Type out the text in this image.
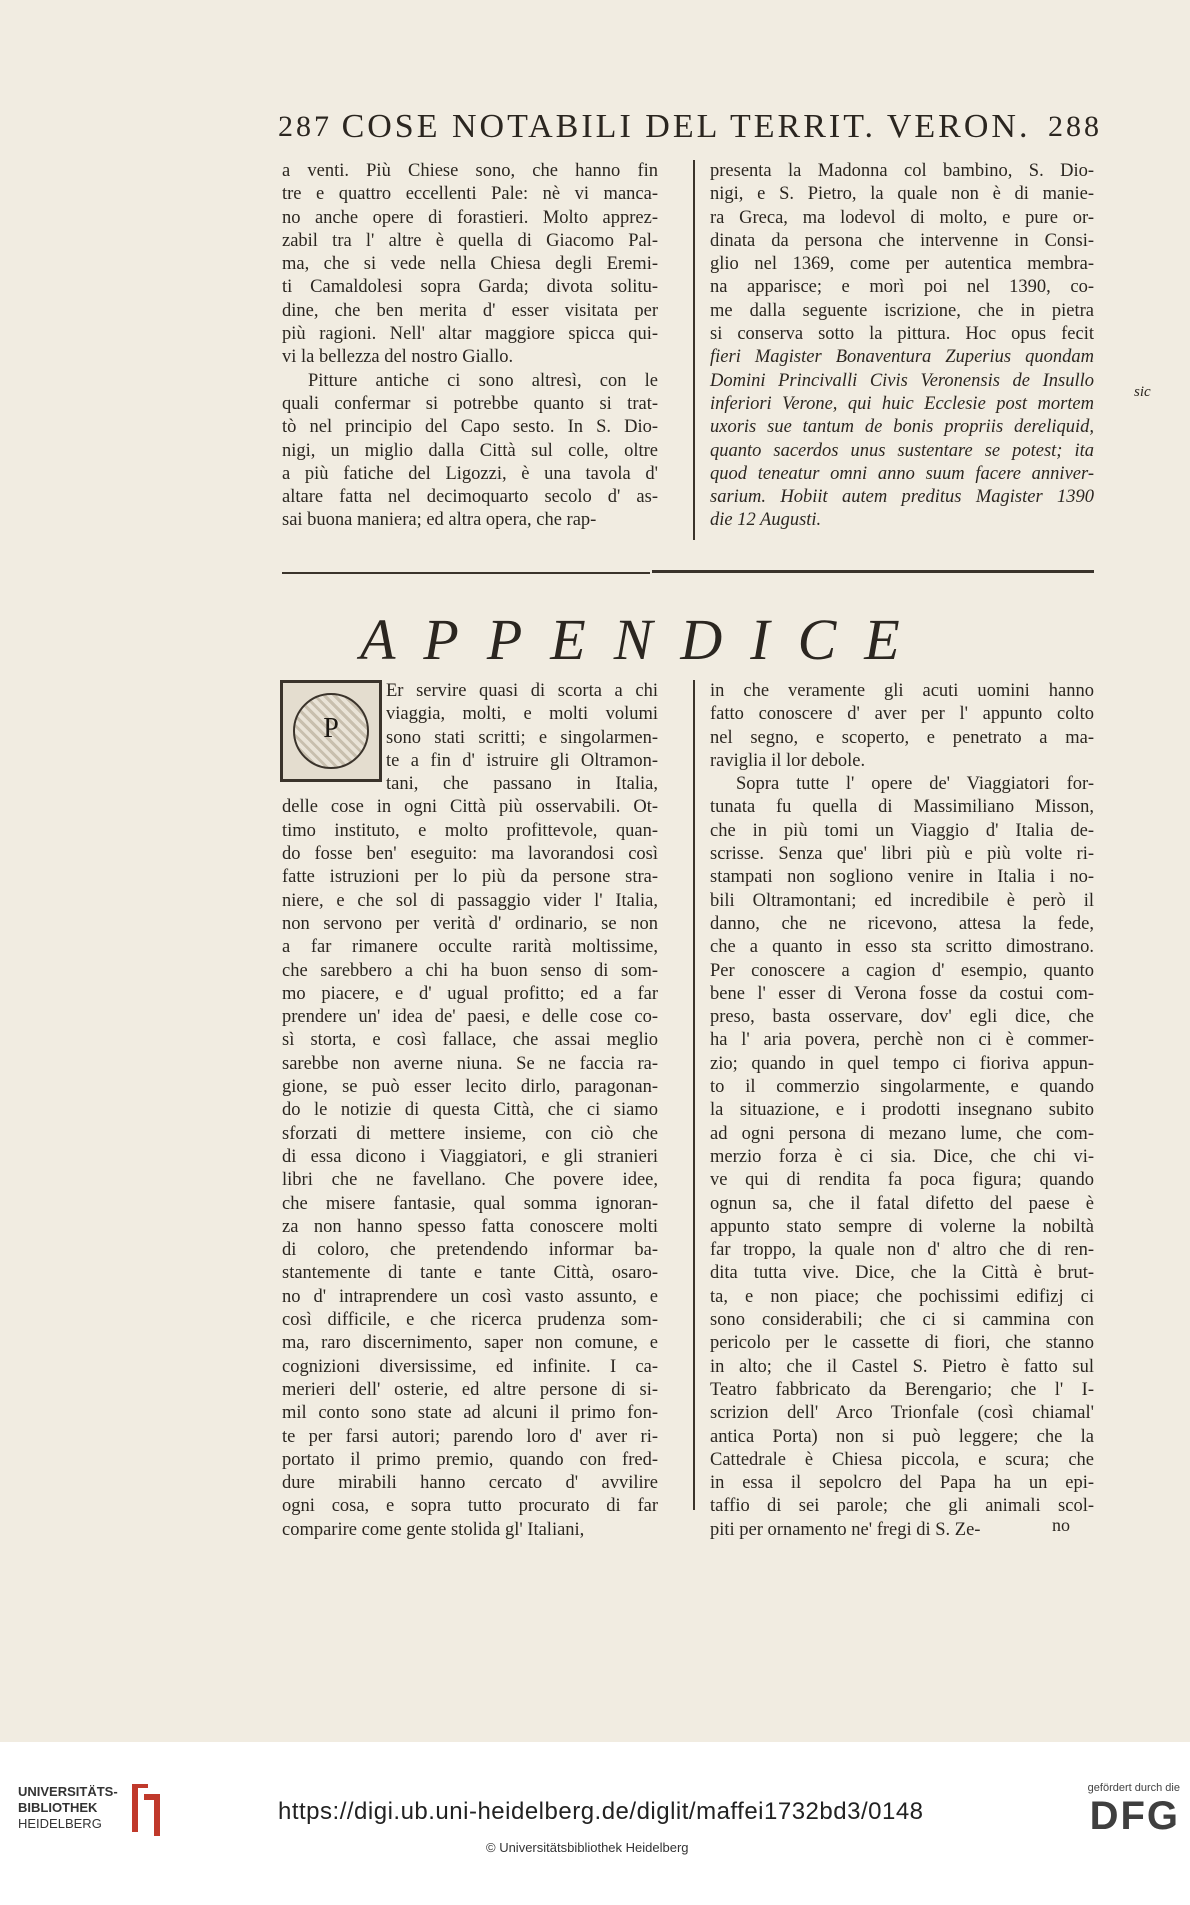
287 COSE NOTABILI DEL TERRIT. VERON. 288
a venti. Più Chiese sono, che hanno fin
tre e quattro eccellenti Pale: nè vi manca-
no anche opere di forastieri. Molto apprez-
zabil tra l' altre è quella di Giacomo Pal-
ma, che si vede nella Chiesa degli Eremi-
ti Camaldolesi sopra Garda; divota solitu-
dine, che ben merita d' esser visitata per
più ragioni. Nell' altar maggiore spicca qui-
vi la bellezza del nostro Giallo.
Pitture antiche ci sono altresì, con le
quali confermar si potrebbe quanto si trat-
tò nel principio del Capo sesto. In S. Dio-
nigi, un miglio dalla Città sul colle, oltre
a più fatiche del Ligozzi, è una tavola d'
altare fatta nel decimoquarto secolo d' as-
sai buona maniera; ed altra opera, che rap-
presenta la Madonna col bambino, S. Dio-
nigi, e S. Pietro, la quale non è di manie-
ra Greca, ma lodevol di molto, e pure or-
dinata da persona che intervenne in Consi-
glio nel 1369, come per autentica membra-
na apparisce; e morì poi nel 1390, co-
me dalla seguente iscrizione, che in pietra
si conserva sotto la pittura. Hoc opus fecit
fieri Magister Bonaventura Zuperius quondam
Domini Princivalli Civis Veronensis de Insullo
inferiori Verone, qui huic Ecclesie post mortem
uxoris sue tantum de bonis propriis dereliquid,
quanto sacerdos unus sustentare se potest; ita
quod teneatur omni anno suum facere anniver-
sarium. Hobiit autem preditus Magister 1390
die 12 Augusti.
sic
APPENDICE
P
Er servire quasi di scorta a chi
viaggia, molti, e molti volumi
sono stati scritti; e singolarmen-
te a fin d' istruire gli Oltramon-
tani, che passano in Italia,
delle cose in ogni Città più osservabili. Ot-
timo instituto, e molto profittevole, quan-
do fosse ben' eseguito: ma lavorandosi così
fatte istruzioni per lo più da persone stra-
niere, e che sol di passaggio vider l' Italia,
non servono per verità d' ordinario, se non
a far rimanere occulte rarità moltissime,
che sarebbero a chi ha buon senso di som-
mo piacere, e d' ugual profitto; ed a far
prendere un' idea de' paesi, e delle cose co-
sì storta, e così fallace, che assai meglio
sarebbe non averne niuna. Se ne faccia ra-
gione, se può esser lecito dirlo, paragonan-
do le notizie di questa Città, che ci siamo
sforzati di mettere insieme, con ciò che
di essa dicono i Viaggiatori, e gli stranieri
libri che ne favellano. Che povere idee,
che misere fantasie, qual somma ignoran-
za non hanno spesso fatta conoscere molti
di coloro, che pretendendo informar ba-
stantemente di tante e tante Città, osaro-
no d' intraprendere un così vasto assunto, e
così difficile, e che ricerca prudenza som-
ma, raro discernimento, saper non comune, e
cognizioni diversissime, ed infinite. I ca-
merieri dell' osterie, ed altre persone di si-
mil conto sono state ad alcuni il primo fon-
te per farsi autori; parendo loro d' aver ri-
portato il primo premio, quando con fred-
dure mirabili hanno cercato d' avvilire
ogni cosa, e sopra tutto procurato di far
comparire come gente stolida gl' Italiani,
in che veramente gli acuti uomini hanno
fatto conoscere d' aver per l' appunto colto
nel segno, e scoperto, e penetrato a ma-
raviglia il lor debole.
Sopra tutte l' opere de' Viaggiatori for-
tunata fu quella di Massimiliano Misson,
che in più tomi un Viaggio d' Italia de-
scrisse. Senza que' libri più e più volte ri-
stampati non sogliono venire in Italia i no-
bili Oltramontani; ed incredibile è però il
danno, che ne ricevono, attesa la fede,
che a quanto in esso sta scritto dimostrano.
Per conoscere a cagion d' esempio, quanto
bene l' esser di Verona fosse da costui com-
preso, basta osservare, dov' egli dice, che
ha l' aria povera, perchè non ci è commer-
zio; quando in quel tempo ci fioriva appun-
to il commerzio singolarmente, e quando
la situazione, e i prodotti insegnano subito
ad ogni persona di mezano lume, che com-
merzio forza è ci sia. Dice, che chi vi-
ve qui di rendita fa poca figura; quando
ognun sa, che il fatal difetto del paese è
appunto stato sempre di volerne la nobiltà
far troppo, la quale non d' altro che di ren-
dita tutta vive. Dice, che la Città è brut-
ta, e non piace; che pochissimi edifizj ci
sono considerabili; che ci si cammina con
pericolo per le cassette di fiori, che stanno
in alto; che il Castel S. Pietro è fatto sul
Teatro fabbricato da Berengario; che l' I-
scrizion dell' Arco Trionfale (così chiamal'
antica Porta) non si può leggere; che la
Cattedrale è Chiesa piccola, e scura; che
in essa il sepolcro del Papa ha un epi-
taffio di sei parole; che gli animali scol-
piti per ornamento ne' fregi di S. Ze-	no
UNIVERSITÄTS-
BIBLIOTHEK
HEIDELBERG	https://digi.ub.uni-heidelberg.de/diglit/maffei1732bd3/0148
© Universitätsbibliothek Heidelberg
gefördert durch die
DFG
